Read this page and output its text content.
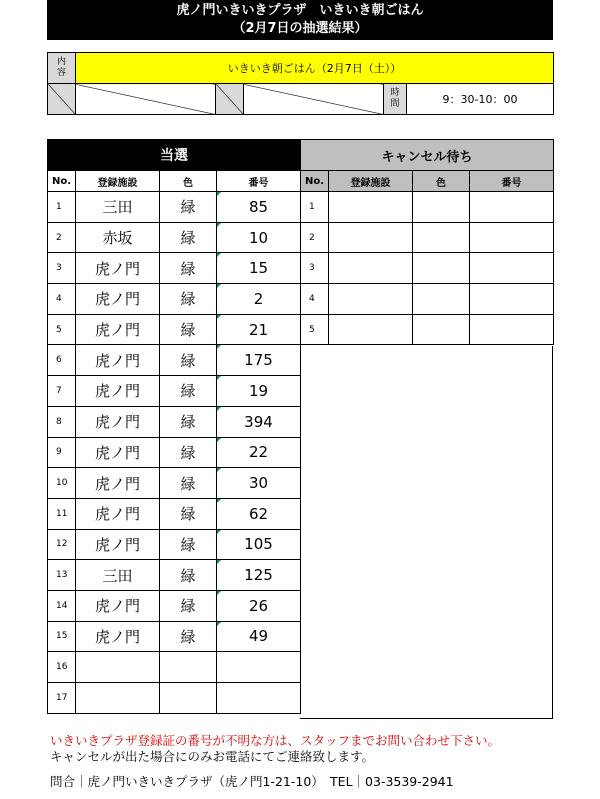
虎ノ門いきいきプラザ　いきいき朝ごはん
（2月7日の抽選結果）
内
容	いきいき朝ごはん（2月7日（土））				

				時
間	9：30-10：00
当選			
No.	登録施設	色	番号
1	三田	緑	85
2	赤坂	緑	10
3	虎ノ門	緑	15
4	虎ノ門	緑	2
5	虎ノ門	緑	21
6	虎ノ門	緑	175
7	虎ノ門	緑	19
8	虎ノ門	緑	394
9	虎ノ門	緑	22
10	虎ノ門	緑	30
11	虎ノ門	緑	62
12	虎ノ門	緑	105
13	三田	緑	125
14	虎ノ門	緑	26
15	虎ノ門	緑	49
16			
17			
キャンセル待ち			
No.	登録施設	色	番号
1			
2			
3			
4			
5			
いきいきプラザ登録証の番号が不明な方は、スタッフまでお問い合わせ下さい。
キャンセルが出た場合にのみお電話にてご連絡致します。
問合｜虎ノ門いきいきプラザ（虎ノ門1-21-10）　TEL｜03-3539-2941
